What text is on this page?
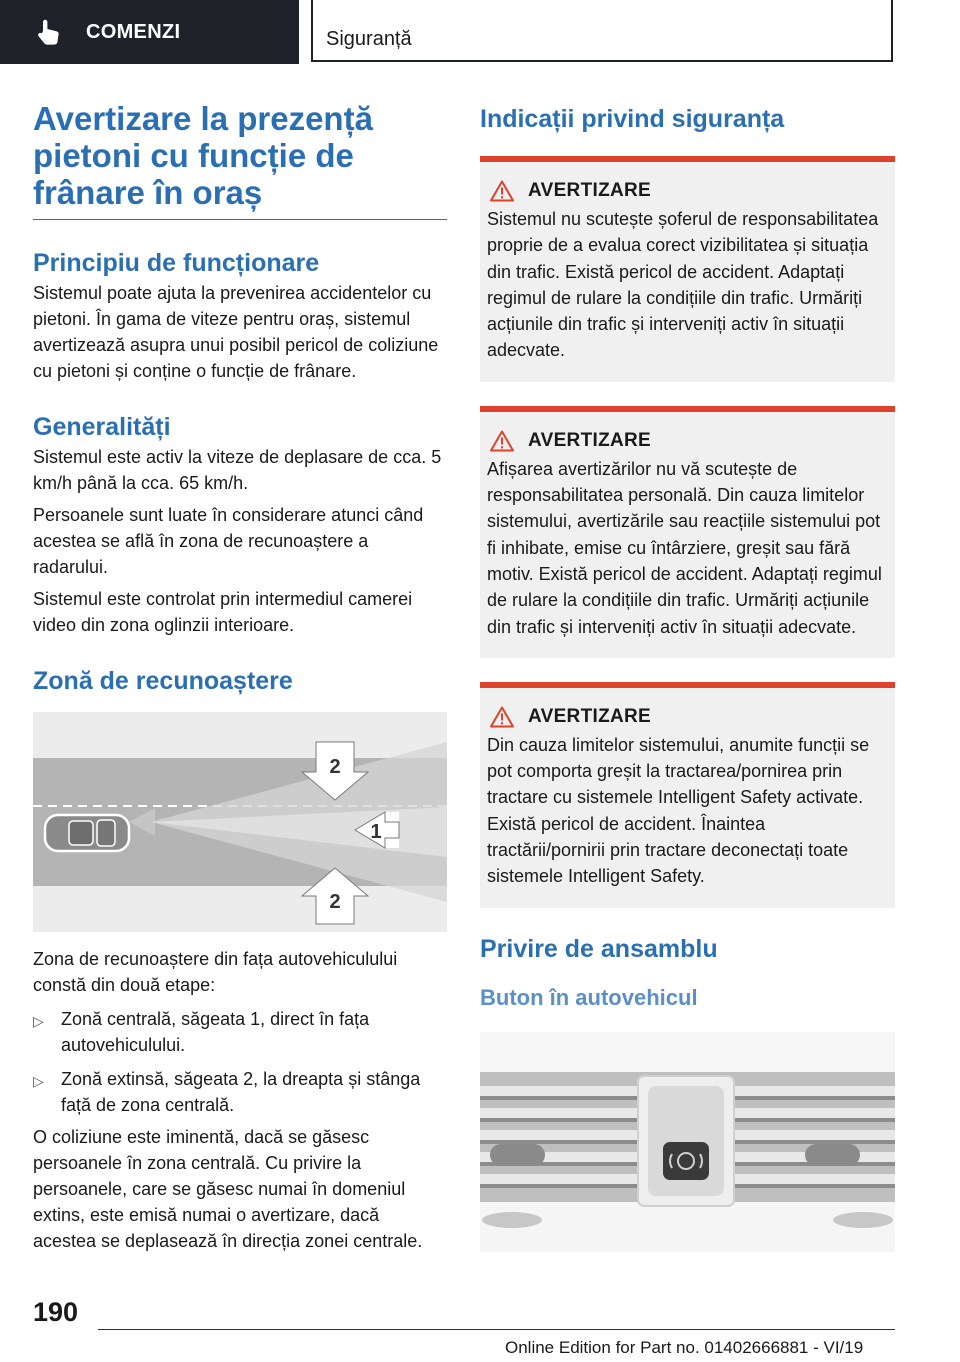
COMENZI	Siguranță
Avertizare la prezență pietoni cu funcție de frânare în oraș
Principiu de funcționare

Sistemul poate ajuta la prevenirea accidentelor cu pietoni. În gama de viteze pentru oraș, sistemul avertizează asupra unui posibil pericol de coliziune cu pietoni și conține o funcție de frânare.

Generalități

Sistemul este activ la viteze de deplasare de cca. 5 km/h până la cca. 65 km/h.

Persoanele sunt luate în considerare atunci când acestea se află în zona de recunoaștere a radarului.

Sistemul este controlat prin intermediul camerei video din zona oglinzii interioare.

Zonă de recunoaștere
2
1
2

Zona de recunoaștere din fața autovehiculului constă din două etape:

▷ Zonă centrală, săgeata 1, direct în fața autovehiculului.
▷ Zonă extinsă, săgeata 2, la dreapta și stânga față de zona centrală.

O coliziune este iminentă, dacă se găsesc persoanele în zona centrală. Cu privire la persoanele, care se găsesc numai în domeniul extins, este emisă numai o avertizare, dacă acestea se deplasează în direcția zonei centrale.

Indicații privind siguranța
AVERTIZARE

Sistemul nu scutește șoferul de responsabilitatea proprie de a evalua corect vizibilitatea și situația din trafic. Există pericol de accident. Adaptați regimul de rulare la condițiile din trafic. Urmăriți acțiunile din trafic și interveniți activ în situații adecvate.

AVERTIZARE

Afișarea avertizărilor nu vă scutește de responsabilitatea personală. Din cauza limitelor sistemului, avertizările sau reacțiile sistemului pot fi inhibate, emise cu întârziere, greșit sau fără motiv. Există pericol de accident. Adaptați regimul de rulare la condițiile din trafic. Urmăriți acțiunile din trafic și interveniți activ în situații adecvate.

AVERTIZARE

Din cauza limitelor sistemului, anumite funcții se pot comporta greșit la tractarea/pornirea prin tractare cu sistemele Intelligent Safety activate. Există pericol de accident. Înaintea tractării/pornirii prin tractare deconectați toate sistemele Intelligent Safety.

Privire de ansamblu
Buton în autovehicul
190
Online Edition for Part no. 01402666881 - VI/19
